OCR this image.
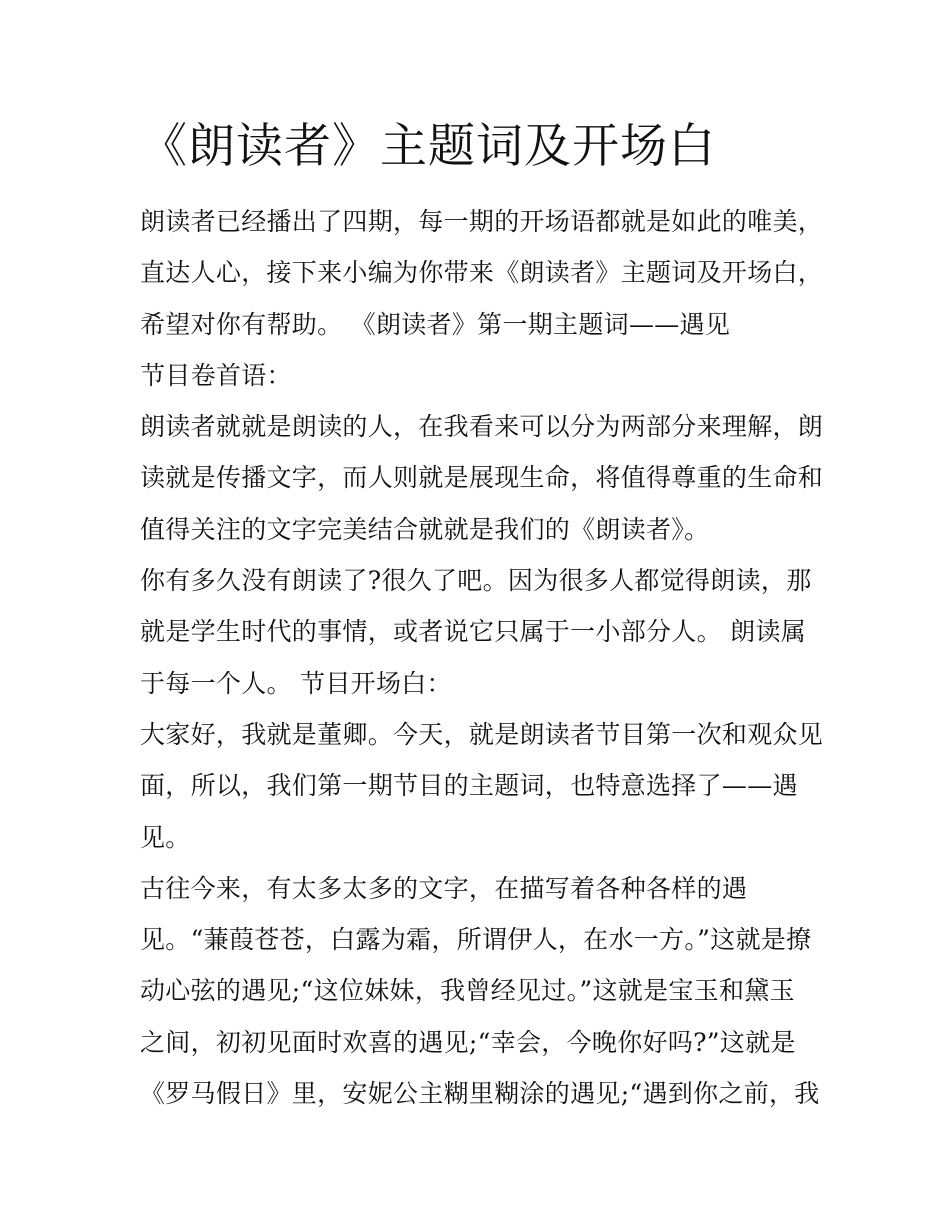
《朗读者》主题词及开场白
朗读者已经播出了四期，每一期的开场语都就是如此的唯美，
直达人心，接下来小编为你带来《朗读者》主题词及开场白，
希望对你有帮助。 《朗读者》第一期主题词——遇见
节目卷首语：
朗读者就就是朗读的人，在我看来可以分为两部分来理解，朗
读就是传播文字，而人则就是展现生命，将值得尊重的生命和
值得关注的文字完美结合就就是我们的《朗读者》。
你有多久没有朗读了?很久了吧。因为很多人都觉得朗读，那
就是学生时代的事情，或者说它只属于一小部分人。 朗读属
于每一个人。 节目开场白：
大家好，我就是董卿。今天，就是朗读者节目第一次和观众见
面，所以，我们第一期节目的主题词，也特意选择了——遇
见。
古往今来，有太多太多的文字，在描写着各种各样的遇
见。“蒹葭苍苍，白露为霜，所谓伊人，在水一方。”这就是撩
动心弦的遇见;“这位妹妹，我曾经见过。”这就是宝玉和黛玉
之间，初初见面时欢喜的遇见;“幸会，今晚你好吗?”这就是
《罗马假日》里，安妮公主糊里糊涂的遇见;“遇到你之前，我
